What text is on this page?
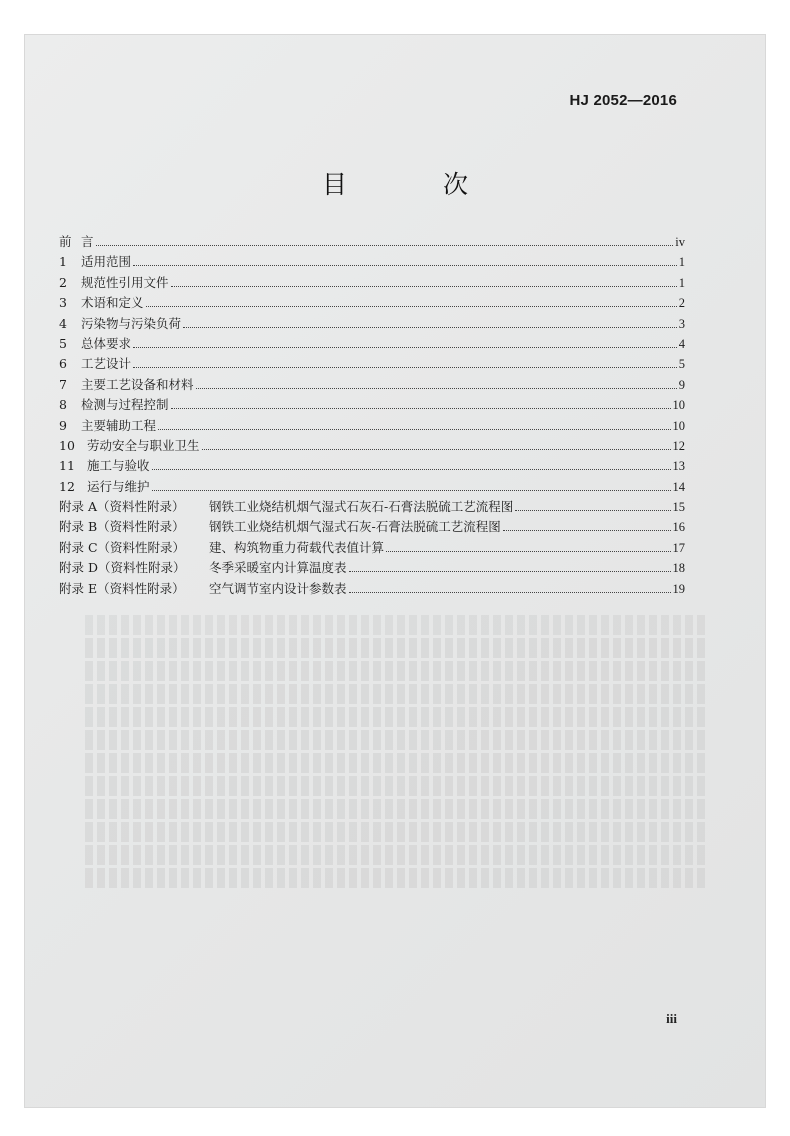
HJ 2052—2016
目 次
前 言	iv
1	适用范围	1
2	规范性引用文件	1
3	术语和定义	2
4	污染物与污染负荷	3
5	总体要求	4
6	工艺设计	5
7	主要工艺设备和材料	9
8	检测与过程控制	10
9	主要辅助工程	10
10 劳动安全与职业卫生	12
11 施工与验收	13
12 运行与维护	14
附录 A（资料性附录）	钢铁工业烧结机烟气湿式石灰石-石膏法脱硫工艺流程图	15
附录 B（资料性附录）	钢铁工业烧结机烟气湿式石灰-石膏法脱硫工艺流程图	16
附录 C（资料性附录）	建、构筑物重力荷载代表值计算	17
附录 D（资料性附录）	冬季采暖室内计算温度表	18
附录 E（资料性附录）	空气调节室内设计参数表	19
iii
